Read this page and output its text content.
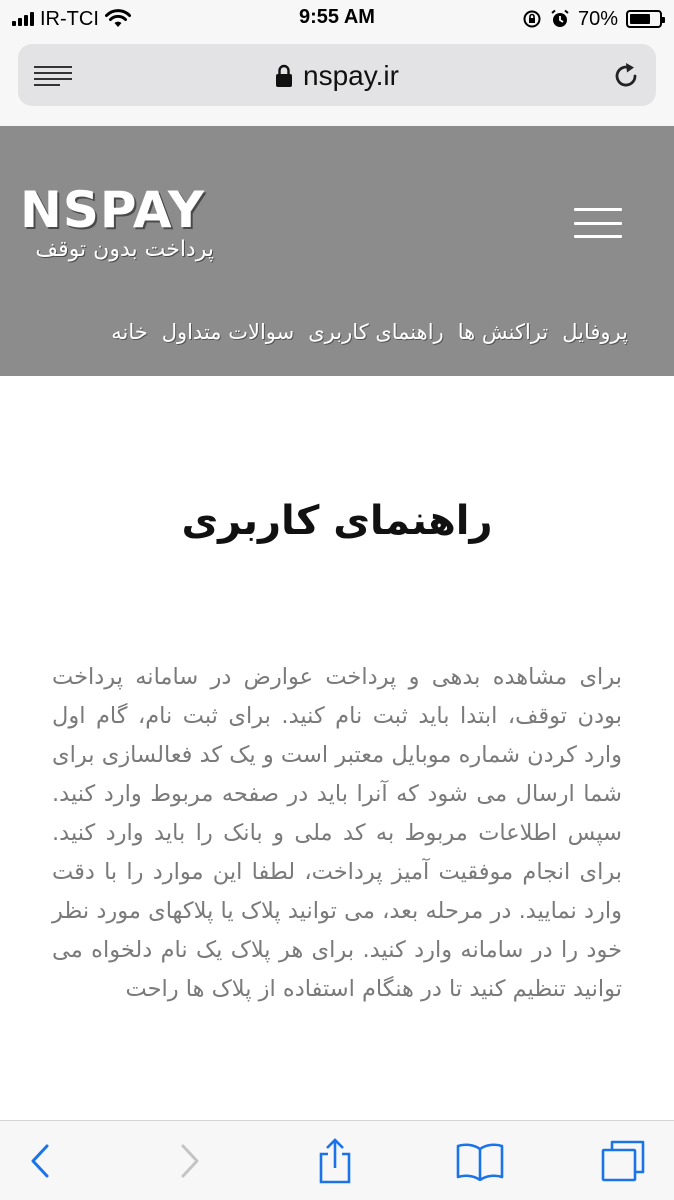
IR-TCI	9:55 AM	70%
nspay.ir
NSPAY
پرداخت بدون توقف
خانه سوالات متداول راهنمای کاربری تراکنش ها پروفایل
راهنمای کاربری

برای مشاهده بدهی و پرداخت عوارض در سامانه پرداخت بودن توقف، ابتدا باید ثبت نام کنید. برای ثبت نام، گام اول وارد کردن شماره موبایل معتبر است و یک کد فعالسازی برای شما ارسال می شود که آنرا باید در صفحه مربوط وارد کنید. سپس اطلاعات مربوط به کد ملی و بانک را باید وارد کنید. برای انجام موفقیت آمیز پرداخت، لطفا این موارد را با دقت وارد نمایید. در مرحله بعد، می توانید پلاک یا پلاکهای مورد نظر خود را در سامانه وارد کنید. برای هر پلاک یک نام دلخواه می توانید تنظیم کنید تا در هنگام استفاده از پلاک ها راحت
